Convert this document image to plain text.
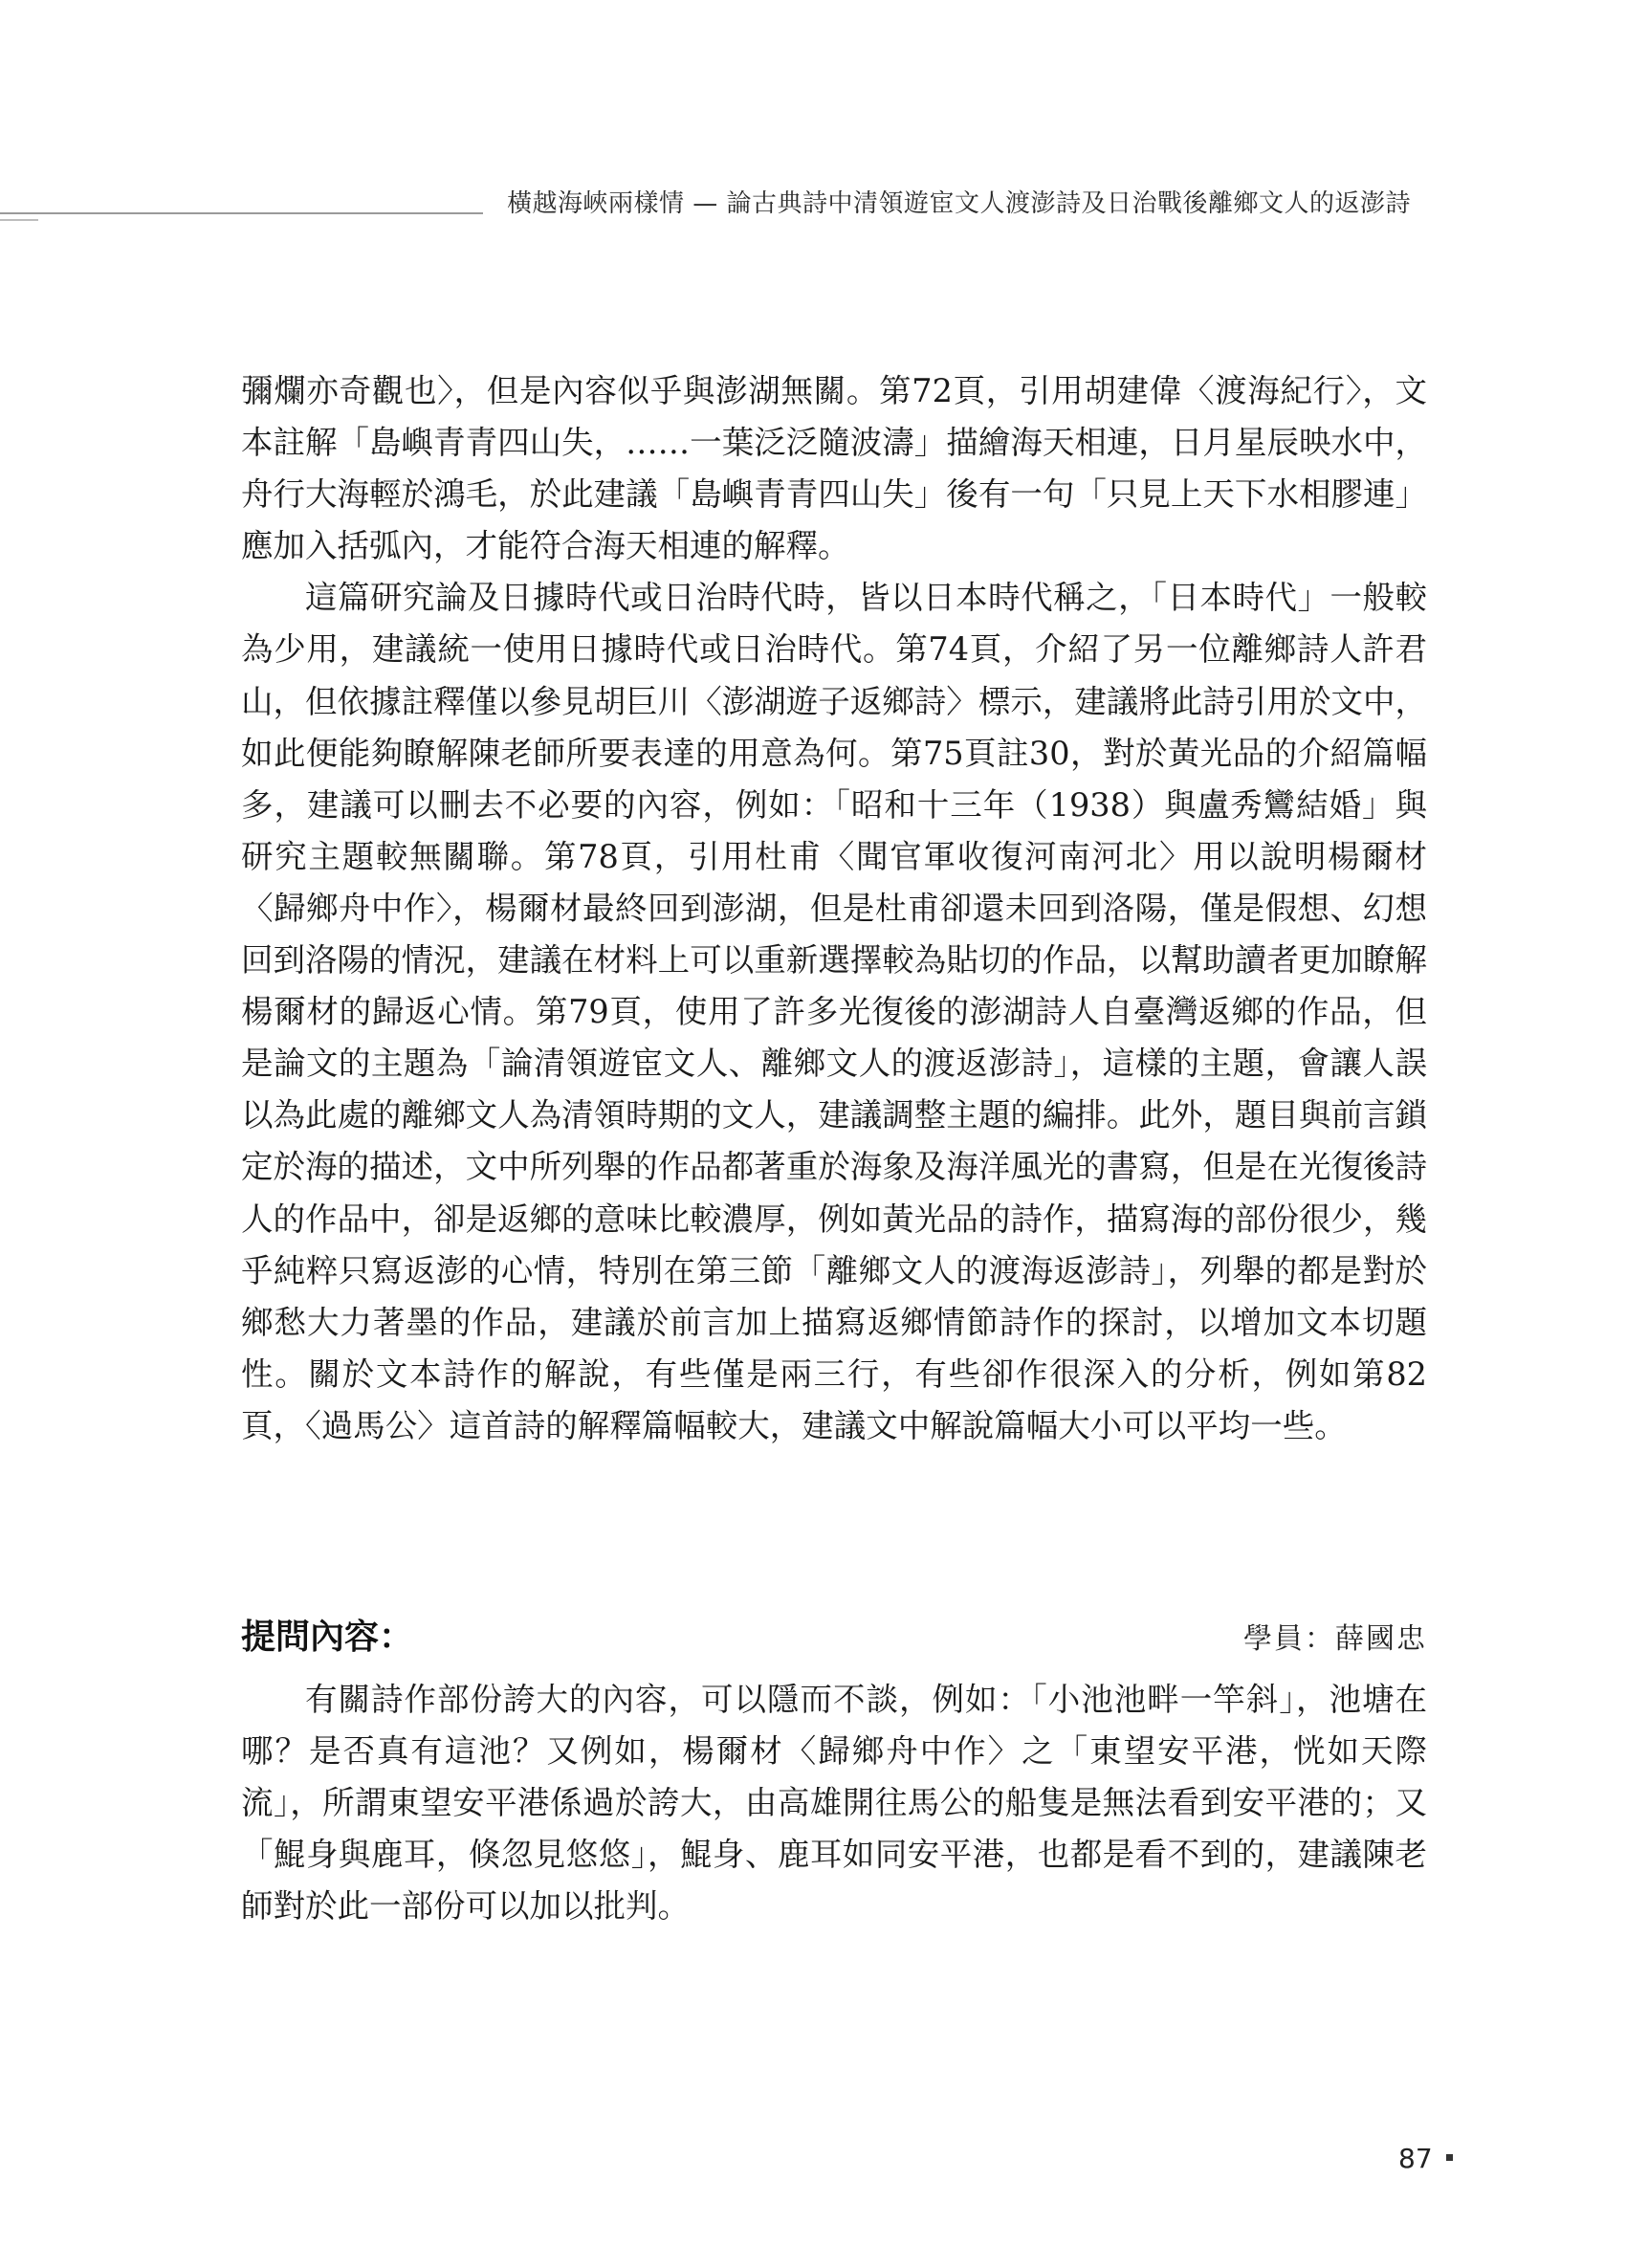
橫越海峽兩樣情 — 論古典詩中清領遊宦文人渡澎詩及日治戰後離鄉文人的返澎詩

彌爛亦奇觀也〉，但是內容似乎與澎湖無關。第72頁，引用胡建偉〈渡海紀行〉，文本註解「島嶼青青四山失，……一葉泛泛隨波濤」描繪海天相連，日月星辰映水中，舟行大海輕於鴻毛，於此建議「島嶼青青四山失」後有一句「只見上天下水相膠連」應加入括弧內，才能符合海天相連的解釋。

這篇研究論及日據時代或日治時代時，皆以日本時代稱之，「日本時代」一般較為少用，建議統一使用日據時代或日治時代。第74頁，介紹了另一位離鄉詩人許君山，但依據註釋僅以參見胡巨川〈澎湖遊子返鄉詩〉標示，建議將此詩引用於文中，如此便能夠瞭解陳老師所要表達的用意為何。第75頁註30，對於黃光品的介紹篇幅多，建議可以刪去不必要的內容，例如：「昭和十三年（1938）與盧秀鸞結婚」與研究主題較無關聯。第78頁，引用杜甫〈聞官軍收復河南河北〉用以說明楊爾材〈歸鄉舟中作〉，楊爾材最終回到澎湖，但是杜甫卻還未回到洛陽，僅是假想、幻想回到洛陽的情況，建議在材料上可以重新選擇較為貼切的作品，以幫助讀者更加瞭解楊爾材的歸返心情。第79頁，使用了許多光復後的澎湖詩人自臺灣返鄉的作品，但是論文的主題為「論清領遊宦文人、離鄉文人的渡返澎詩」，這樣的主題，會讓人誤以為此處的離鄉文人為清領時期的文人，建議調整主題的編排。此外，題目與前言鎖定於海的描述，文中所列舉的作品都著重於海象及海洋風光的書寫，但是在光復後詩人的作品中，卻是返鄉的意味比較濃厚，例如黃光品的詩作，描寫海的部份很少，幾乎純粹只寫返澎的心情，特別在第三節「離鄉文人的渡海返澎詩」，列舉的都是對於鄉愁大力著墨的作品，建議於前言加上描寫返鄉情節詩作的探討，以增加文本切題性。關於文本詩作的解說，有些僅是兩三行，有些卻作很深入的分析，例如第82頁，〈過馬公〉這首詩的解釋篇幅較大，建議文中解說篇幅大小可以平均一些。

提問內容：	學員：薛國忠

有關詩作部份誇大的內容，可以隱而不談，例如：「小池池畔一竿斜」，池塘在哪？是否真有這池？又例如，楊爾材〈歸鄉舟中作〉之「東望安平港，恍如天際流」，所謂東望安平港係過於誇大，由高雄開往馬公的船隻是無法看到安平港的；又「鯤身與鹿耳，倏忽見悠悠」，鯤身、鹿耳如同安平港，也都是看不到的，建議陳老師對於此一部份可以加以批判。

87
